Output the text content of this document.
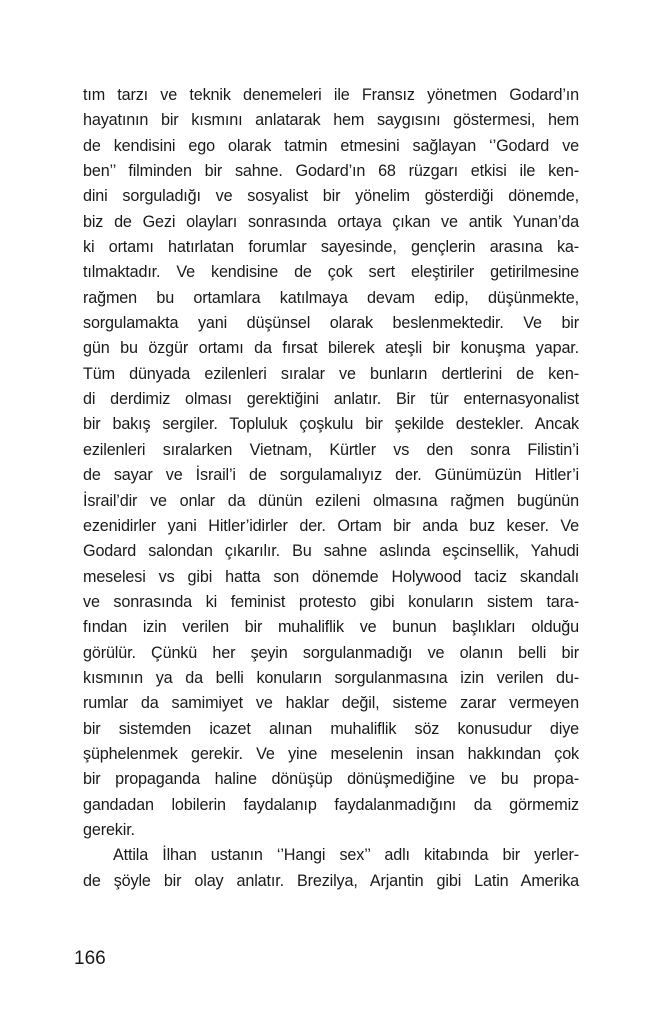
tım tarzı ve teknik denemeleri ile Fransız yönetmen Godard’ın
hayatının bir kısmını anlatarak hem saygısını göstermesi, hem
de kendisini ego olarak tatmin etmesini sağlayan ‘’Godard ve
ben’’ filminden bir sahne. Godard’ın 68 rüzgarı etkisi ile ken-
dini sorguladığı ve sosyalist bir yönelim gösterdiği dönemde,
biz de Gezi olayları sonrasında ortaya çıkan ve antik Yunan’da
ki ortamı hatırlatan forumlar sayesinde, gençlerin arasına ka-
tılmaktadır. Ve kendisine de çok sert eleştiriler getirilmesine
rağmen bu ortamlara katılmaya devam edip, düşünmekte,
sorgulamakta yani düşünsel olarak beslenmektedir. Ve bir
gün bu özgür ortamı da fırsat bilerek ateşli bir konuşma yapar.
Tüm dünyada ezilenleri sıralar ve bunların dertlerini de ken-
di derdimiz olması gerektiğini anlatır. Bir tür enternasyonalist
bir bakış sergiler. Topluluk çoşkulu bir şekilde destekler. Ancak
ezilenleri sıralarken Vietnam, Kürtler vs den sonra Filistin’i
de sayar ve İsrail’i de sorgulamalıyız der. Günümüzün Hitler’i
İsrail’dir ve onlar da dünün ezileni olmasına rağmen bugünün
ezenidirler yani Hitler’idirler der. Ortam bir anda buz keser. Ve
Godard salondan çıkarılır. Bu sahne aslında eşcinsellik, Yahudi
meselesi vs gibi hatta son dönemde Holywood taciz skandalı
ve sonrasında ki feminist protesto gibi konuların sistem tara-
fından izin verilen bir muhaliflik ve bunun başlıkları olduğu
görülür. Çünkü her şeyin sorgulanmadığı ve olanın belli bir
kısmının ya da belli konuların sorgulanmasına izin verilen du-
rumlar da samimiyet ve haklar değil, sisteme zarar vermeyen
bir sistemden icazet alınan muhaliflik söz konusudur diye
şüphelenmek gerekir. Ve yine meselenin insan hakkından çok
bir propaganda haline dönüşüp dönüşmediğine ve bu propa-
gandadan lobilerin faydalanıp faydalanmadığını da görmemiz
gerekir.
Attila İlhan ustanın ‘’Hangi sex’’ adlı kitabında bir yerler-
de şöyle bir olay anlatır. Brezilya, Arjantin gibi Latin Amerika
166
